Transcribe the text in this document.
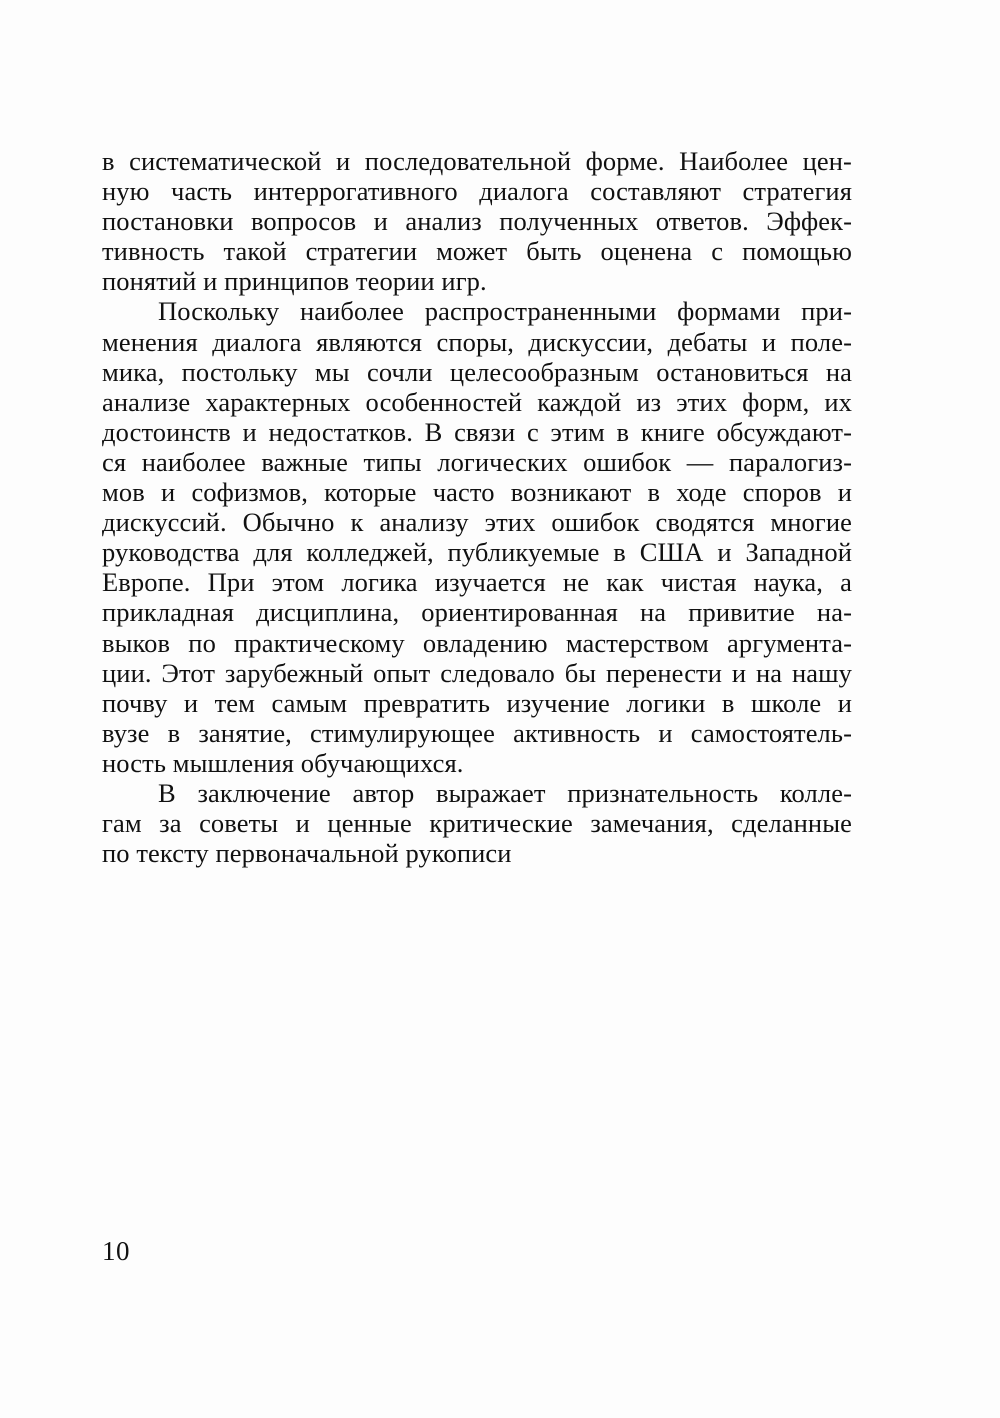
в систематической и последовательной форме. Наиболее цен-
ную часть интеррогативного диалога составляют стратегия
постановки вопросов и анализ полученных ответов. Эффек-
тивность такой стратегии может быть оценена с помощью
понятий и принципов теории игр.
Поскольку наиболее распространенными формами при-
менения диалога являются споры, дискуссии, дебаты и поле-
мика, постольку мы сочли целесообразным остановиться на
анализе характерных особенностей каждой из этих форм, их
достоинств и недостатков. В связи с этим в книге обсуждают-
ся наиболее важные типы логических ошибок — паралогиз-
мов и софизмов, которые часто возникают в ходе споров и
дискуссий. Обычно к анализу этих ошибок сводятся многие
руководства для колледжей, публикуемые в США и Западной
Европе. При этом логика изучается не как чистая наука, а
прикладная дисциплина, ориентированная на привитие на-
выков по практическому овладению мастерством аргумента-
ции. Этот зарубежный опыт следовало бы перенести и на нашу
почву и тем самым превратить изучение логики в школе и
вузе в занятие, стимулирующее активность и самостоятель-
ность мышления обучающихся.
В заключение автор выражает признательность колле-
гам за советы и ценные критические замечания, сделанные
по тексту первоначальной рукописи
10
